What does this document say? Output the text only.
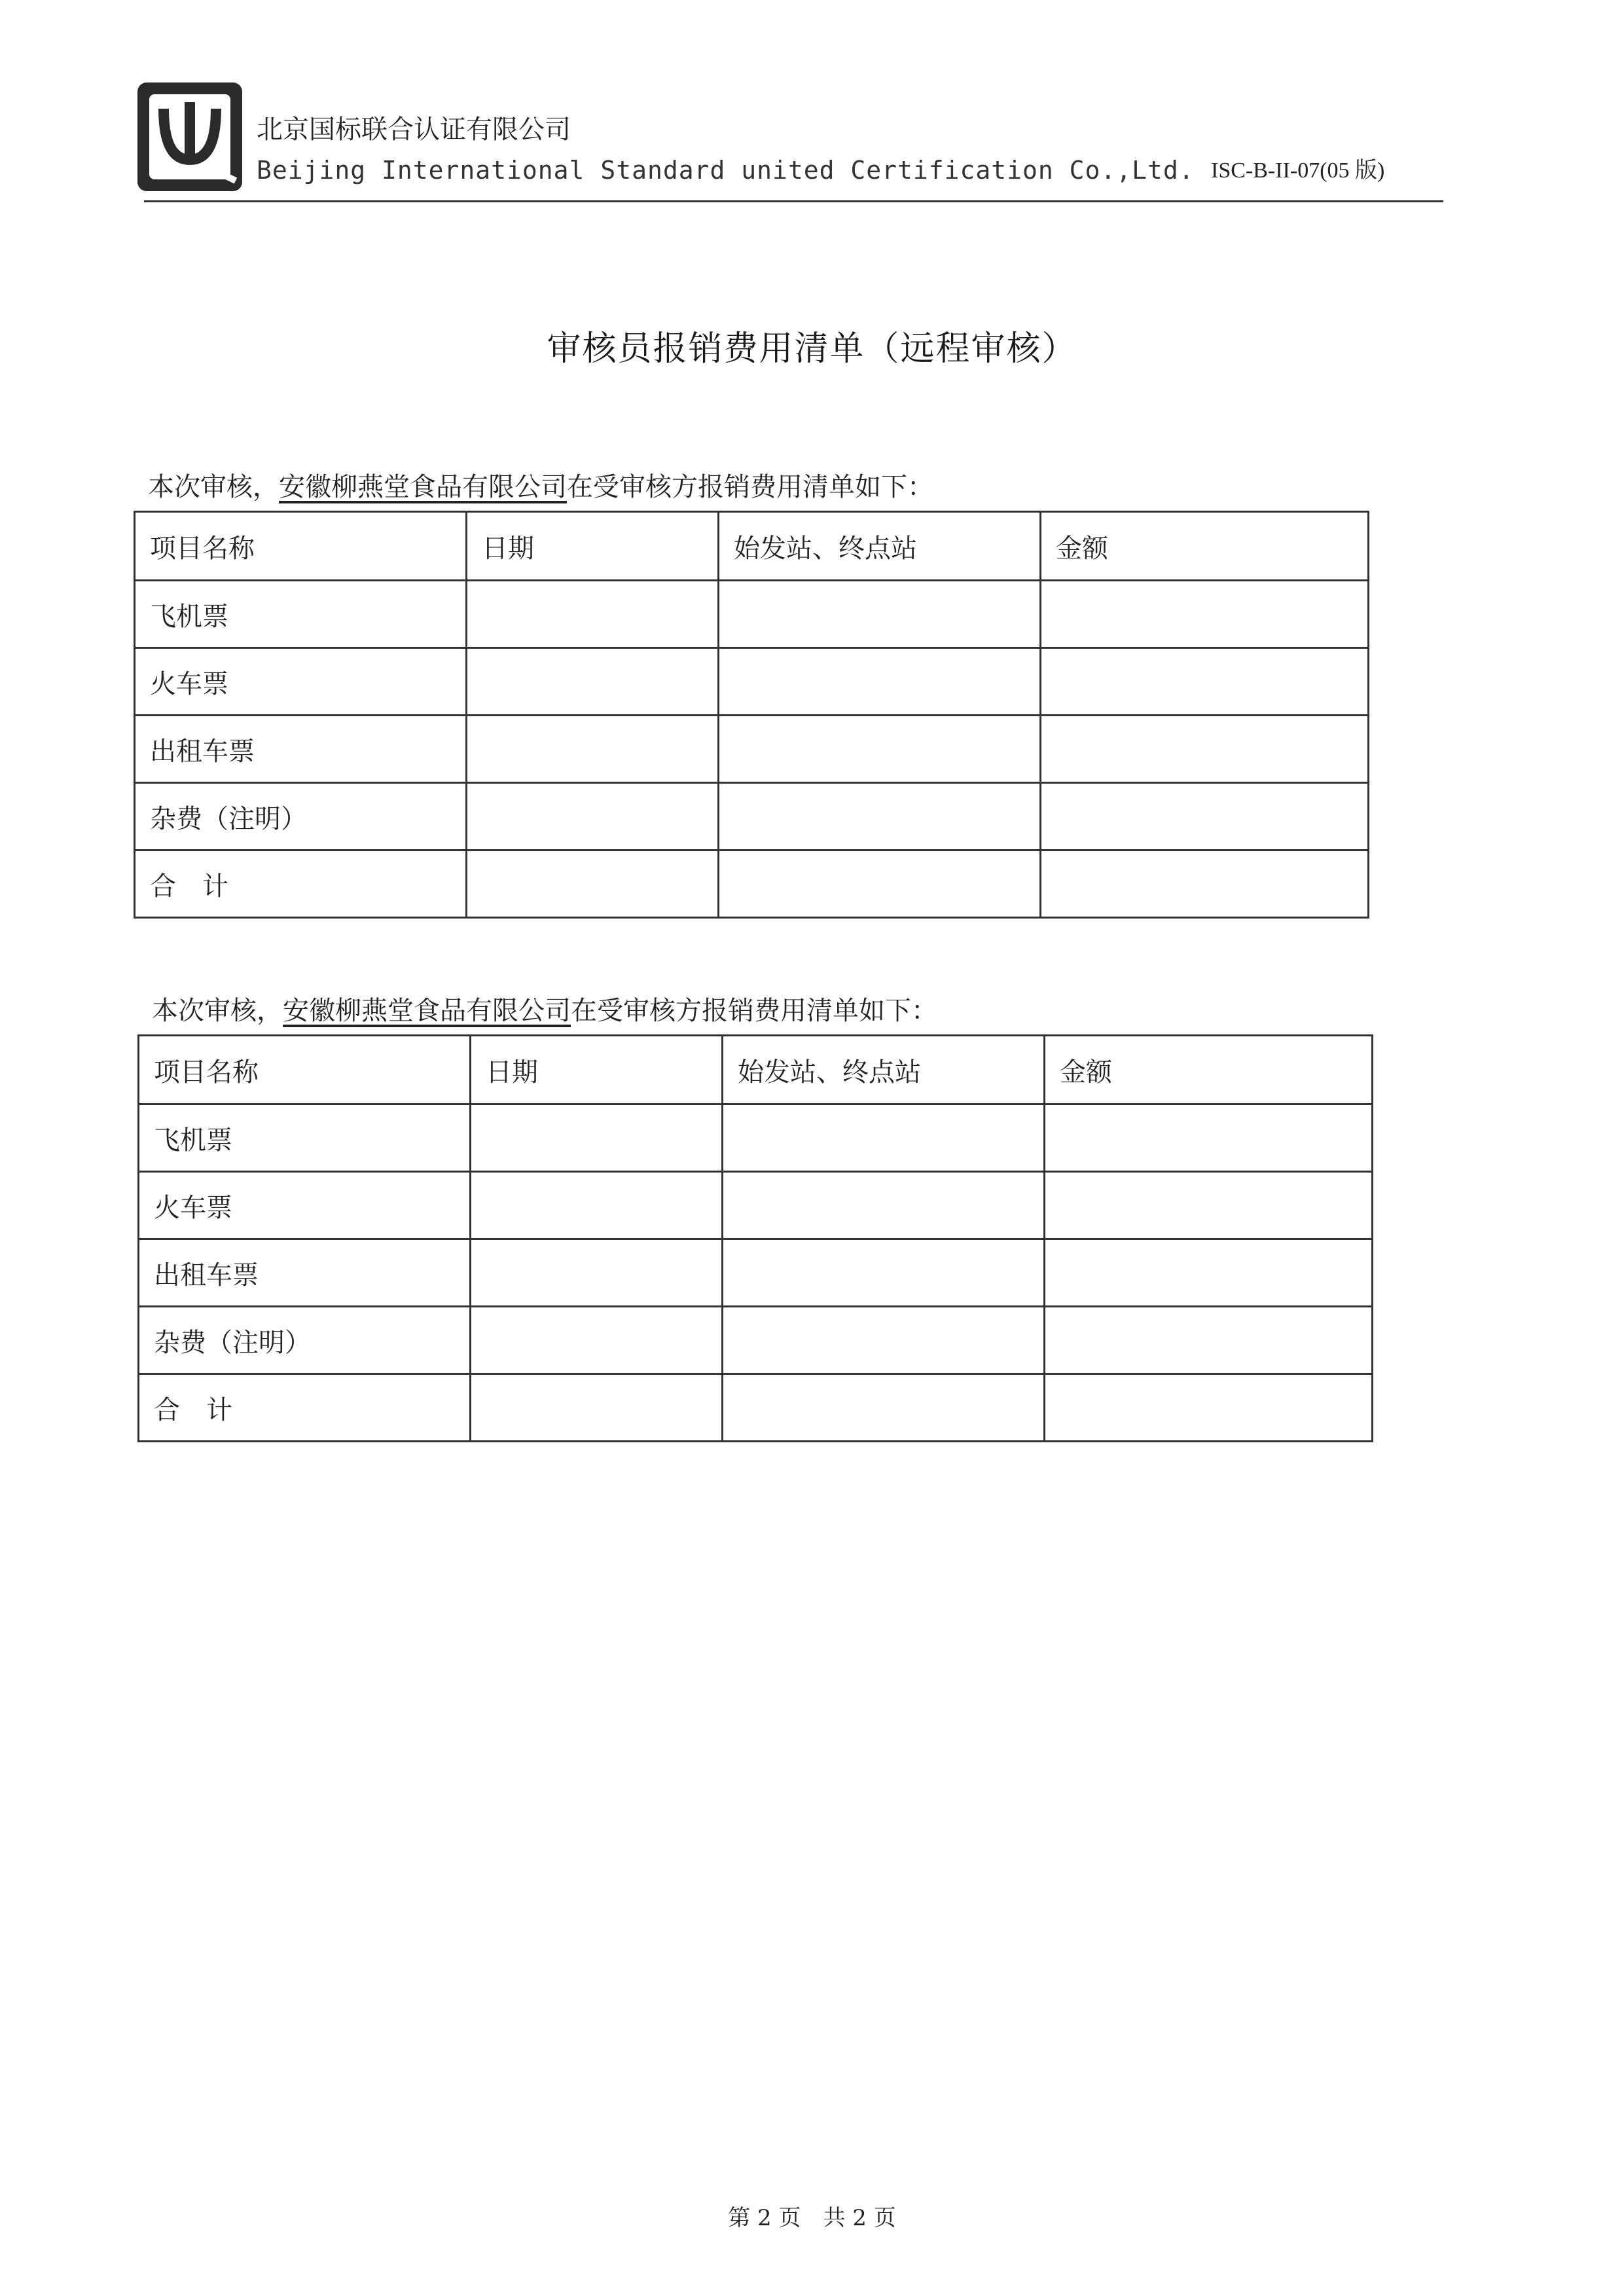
北京国标联合认证有限公司
Beijing International Standard united Certification Co.,Ltd. ISC-B-II-07(05 版)
审核员报销费用清单（远程审核）
本次审核，安徽柳燕堂食品有限公司在受审核方报销费用清单如下：
项目名称	日期	始发站、终点站	金额
飞机票			
火车票			
出租车票			
杂费（注明）			
合　计			
本次审核，安徽柳燕堂食品有限公司在受审核方报销费用清单如下：
项目名称	日期	始发站、终点站	金额
飞机票			
火车票			
出租车票			
杂费（注明）			
合　计			
第 2 页　共 2 页
